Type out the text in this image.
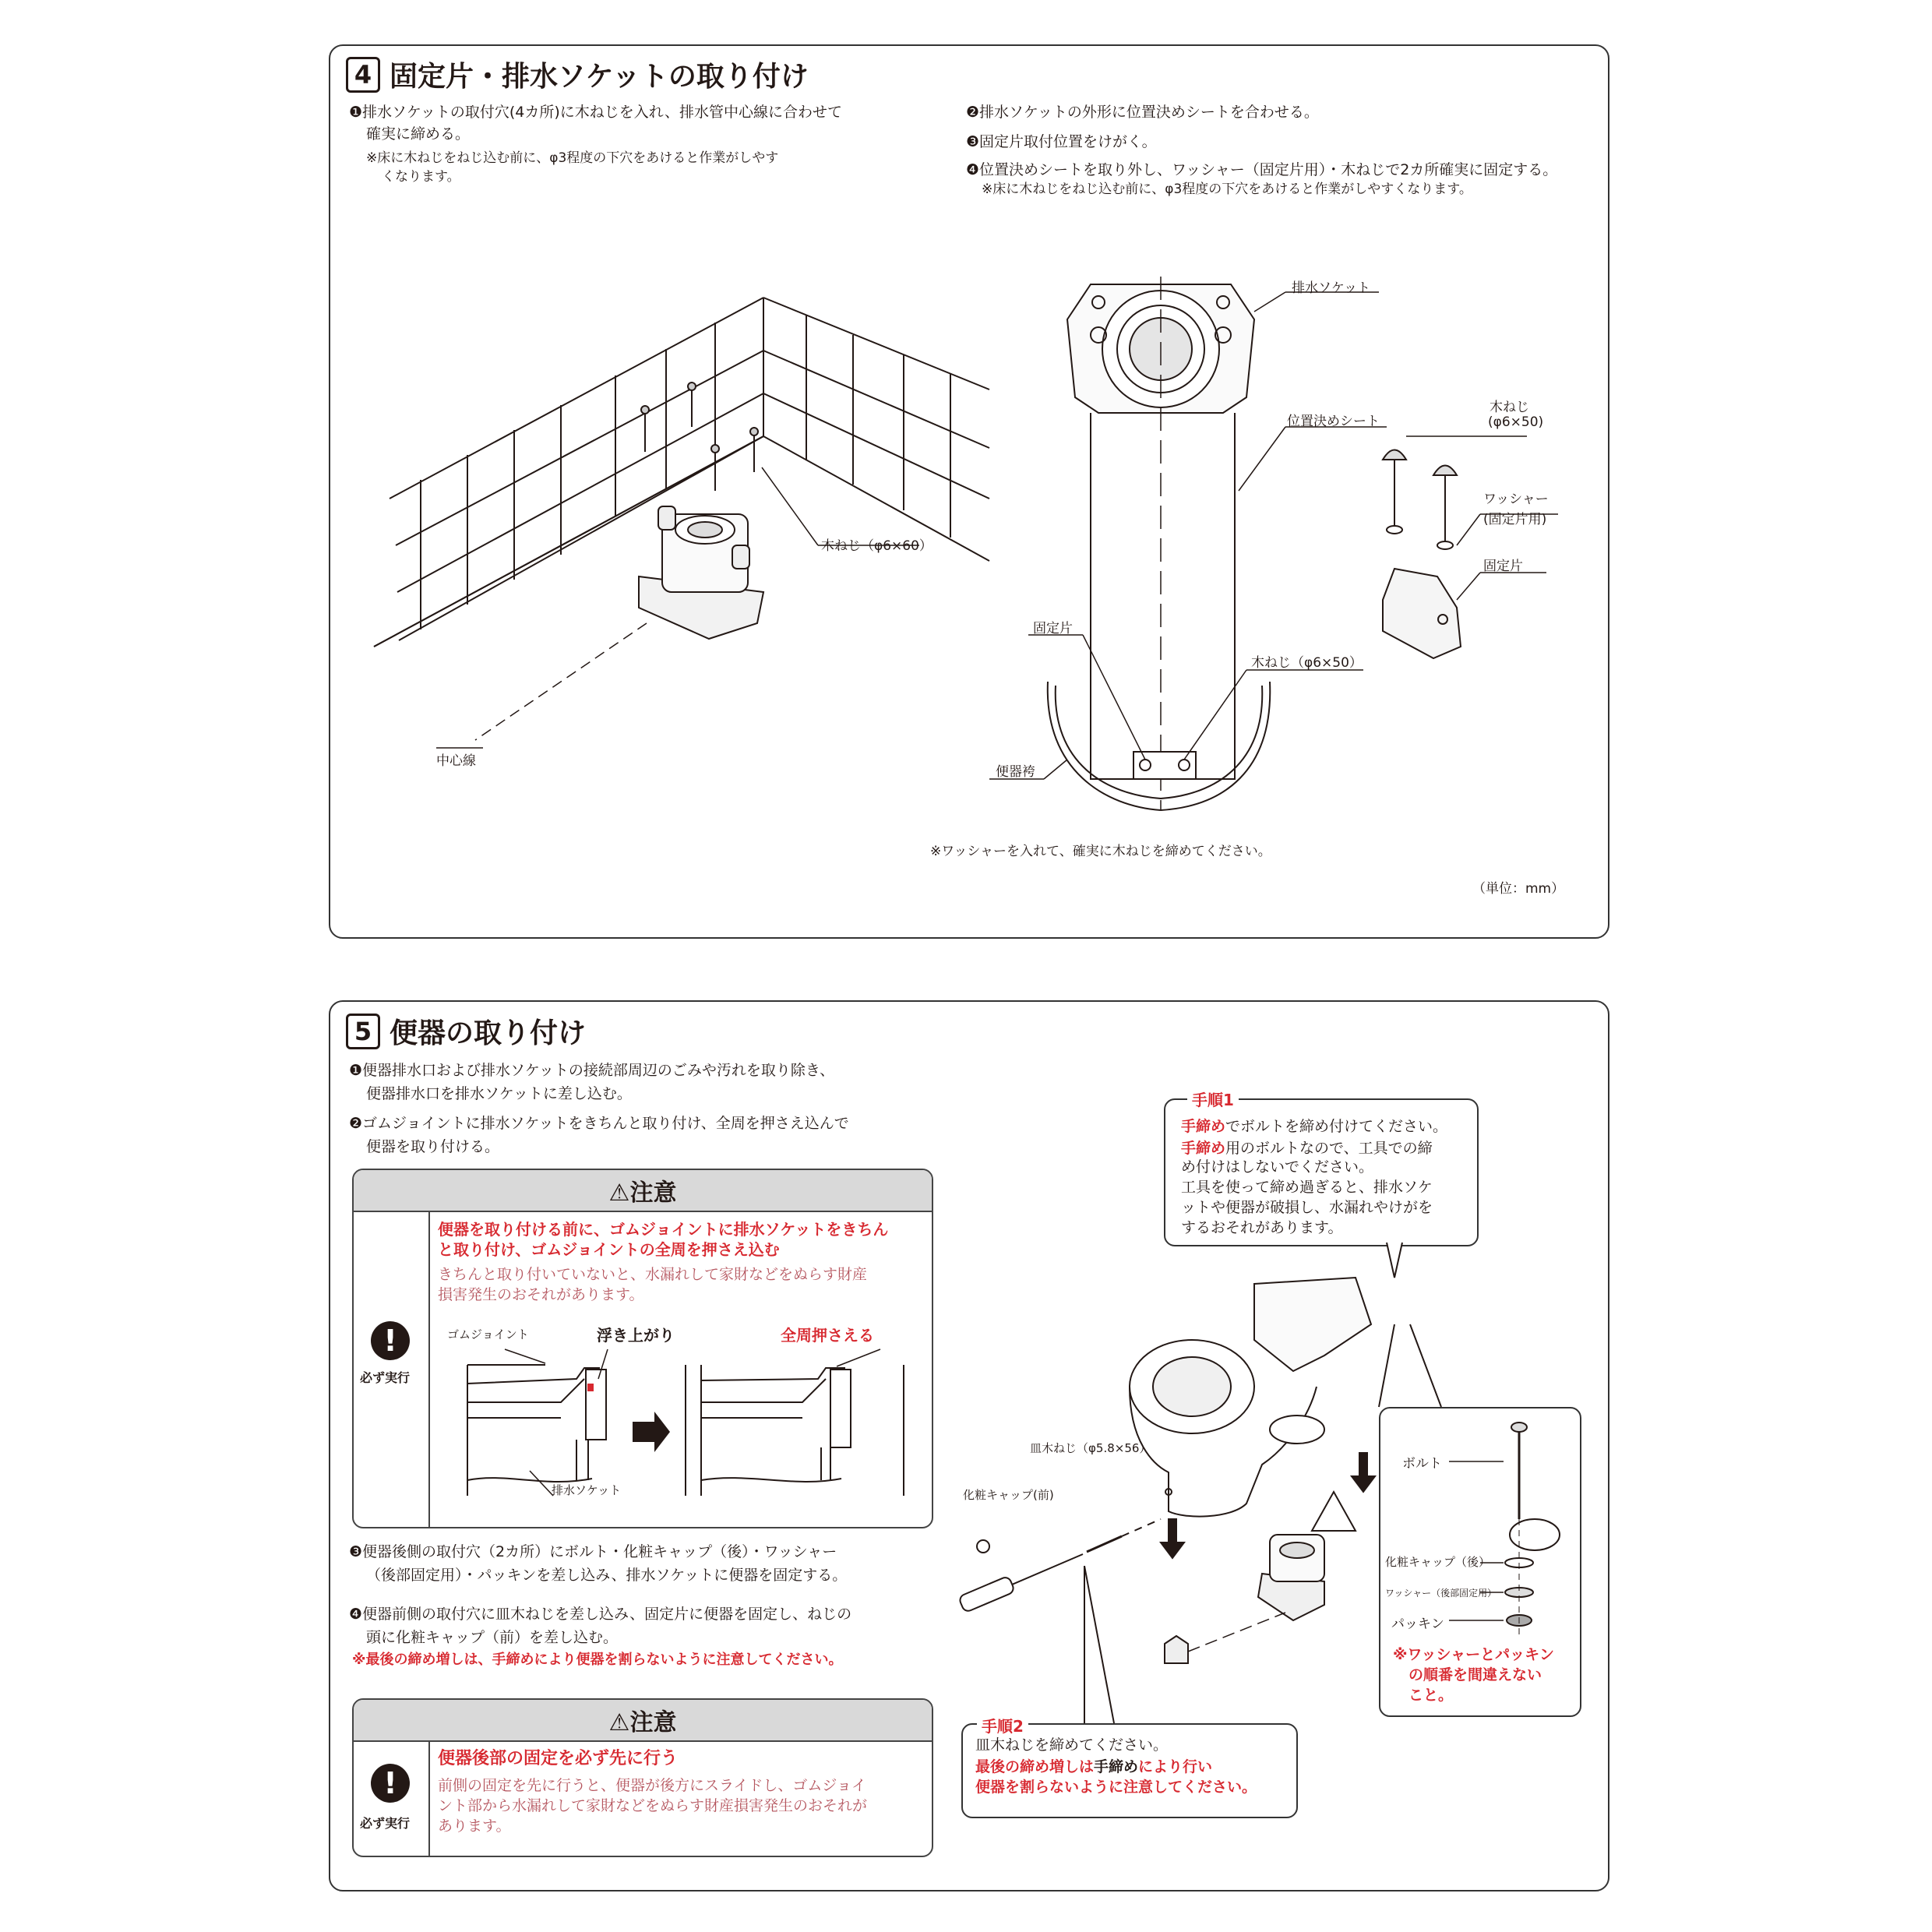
4 固定片・排水ソケットの取り付け
❶排水ソケットの取付穴(4カ所)に木ねじを入れ、排水管中心線に合わせて
確実に締める。
※床に木ねじをねじ込む前に、φ3程度の下穴をあけると作業がしやす
くなります。
❷排水ソケットの外形に位置決めシートを合わせる。
❸固定片取付位置をけがく。
❹位置決めシートを取り外し、ワッシャー（固定片用）・木ねじで2カ所確実に固定する。
※床に木ねじをねじ込む前に、φ3程度の下穴をあけると作業がしやすくなります。
木ねじ（φ6×60）
中心線
排水ソケット
位置決めシート
木ねじ
(φ6×50)
ワッシャー
(固定片用)
固定片
固定片
木ねじ（φ6×50）
便器袴
※ワッシャーを入れて、確実に木ねじを締めてください。
（単位：mm）
5 便器の取り付け
❶便器排水口および排水ソケットの接続部周辺のごみや汚れを取り除き、
便器排水口を排水ソケットに差し込む。
❷ゴムジョイントに排水ソケットをきちんと取り付け、全周を押さえ込んで
便器を取り付ける。
⚠注意
!
必ず実行
便器を取り付ける前に、ゴムジョイントに排水ソケットをきちん
と取り付け、ゴムジョイントの全周を押さえ込む
きちんと取り付いていないと、水漏れして家財などをぬらす財産
損害発生のおそれがあります。
ゴムジョイント	浮き上がり	全周押さえる
排水ソケット
❸便器後側の取付穴（2カ所）にボルト・化粧キャップ（後）・ワッシャー
（後部固定用）・パッキンを差し込み、排水ソケットに便器を固定する。
❹便器前側の取付穴に皿木ねじを差し込み、固定片に便器を固定し、ねじの
頭に化粧キャップ（前）を差し込む。
※最後の締め増しは、手締めにより便器を割らないように注意してください。
⚠注意
!
必ず実行
便器後部の固定を必ず先に行う
前側の固定を先に行うと、便器が後方にスライドし、ゴムジョイ
ント部から水漏れして家財などをぬらす財産損害発生のおそれが
あります。
手締めでボルトを締め付けてください。
手締め用のボルトなので、工具での締
め付けはしないでください。
工具を使って締め過ぎると、排水ソケ
ットや便器が破損し、水漏れやけがを
するおそれがあります。
手順1
皿木ねじを締めてください。
最後の締め増しは手締めにより行い
便器を割らないように注意してください。
手順2
ボルト
化粧キャップ（後）
ワッシャー（後部固定用）
パッキン
※ワッシャーとパッキン
の順番を間違えない
こと。
皿木ねじ（φ5.8×56）
化粧キャップ(前)
